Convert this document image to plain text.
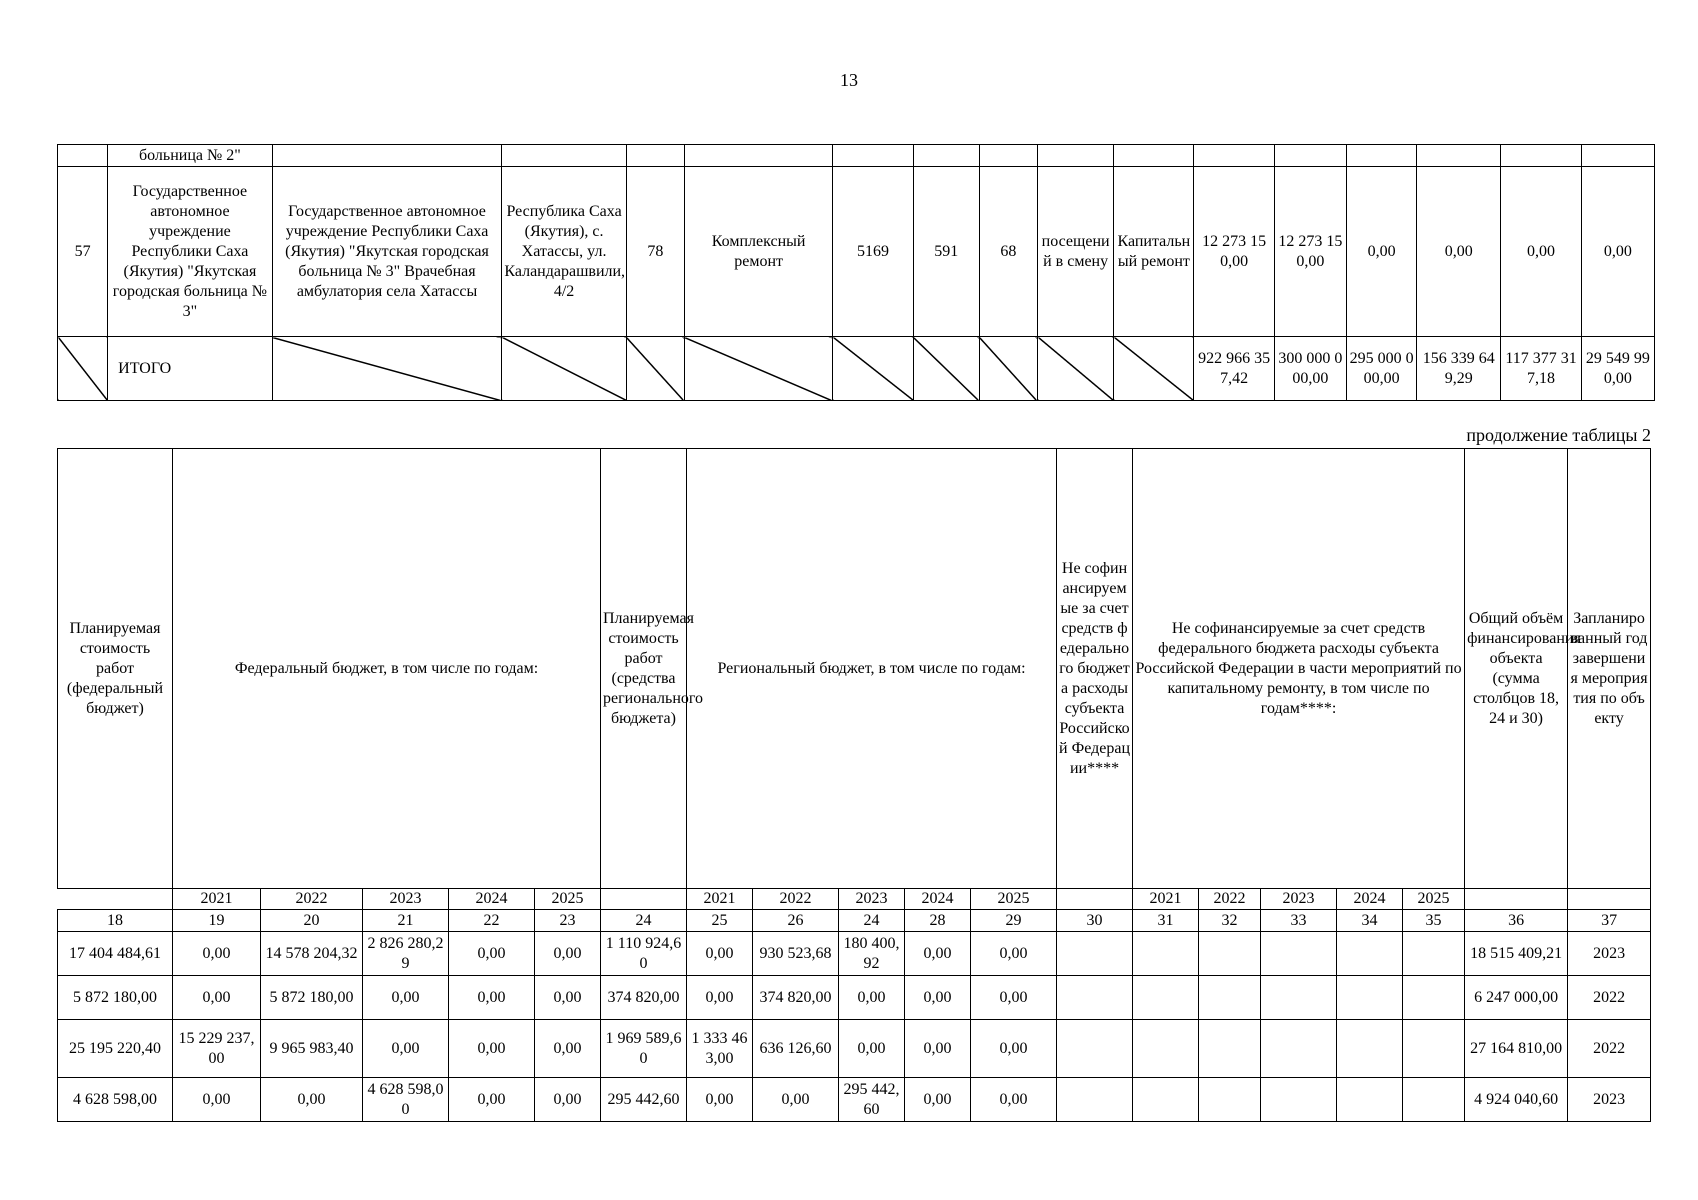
13
	больница № 2"															
57	Государственное автономное учреждение Республики Саха (Якутия) "Якутская городская больница № 3"	Государственное автономное учреждение Республики Саха (Якутия) "Якутская городская больница № 3" Врачебная амбулатория села Хатассы	Республика Саха (Якутия), с. Хатассы, ул. Каландарашвили, 4/2	78	Комплексный ремонт	5169	591	68	посещений в смену	Капитальный ремонт	12 273 150,00	12 273 150,00	0,00	0,00	0,00	0,00
	ИТОГО										922 966 357,42	300 000 000,00	295 000 000,00	156 339 649,29	117 377 317,18	29 549 990,00
продолжение таблицы 2
Планируемая стоимость работ (федеральный бюджет)	Федеральный бюджет, в том числе по годам:					Планируемая стоимость работ (средства регионального бюджета)	Региональный бюджет, в том числе по годам:					Не софинансируемые за счет средств федерального бюджета расходы субъекта Российской Федерации****	Не софинансируемые за счет средств федерального бюджета расходы субъекта Российской Федерации в части мероприятий по капитальному ремонту, в том числе по годам****:					Общий объём финансирования объекта (сумма столбцов 18, 24 и 30)	Запланированный год завершения мероприятия по объекту
	2021	2022	2023	2024	2025		2021	2022	2023	2024	2025		2021	2022	2023	2024	2025		
18	19	20	21	22	23	24	25	26	24	28	29	30	31	32	33	34	35	36	37
17 404 484,61	0,00	14 578 204,32	2 826 280,29	0,00	0,00	1 110 924,60	0,00	930 523,68	180 400,92	0,00	0,00							18 515 409,21	2023
5 872 180,00	0,00	5 872 180,00	0,00	0,00	0,00	374 820,00	0,00	374 820,00	0,00	0,00	0,00							6 247 000,00	2022
25 195 220,40	15 229 237,00	9 965 983,40	0,00	0,00	0,00	1 969 589,60	1 333 463,00	636 126,60	0,00	0,00	0,00							27 164 810,00	2022
4 628 598,00	0,00	0,00	4 628 598,00	0,00	0,00	295 442,60	0,00	0,00	295 442,60	0,00	0,00							4 924 040,60	2023
